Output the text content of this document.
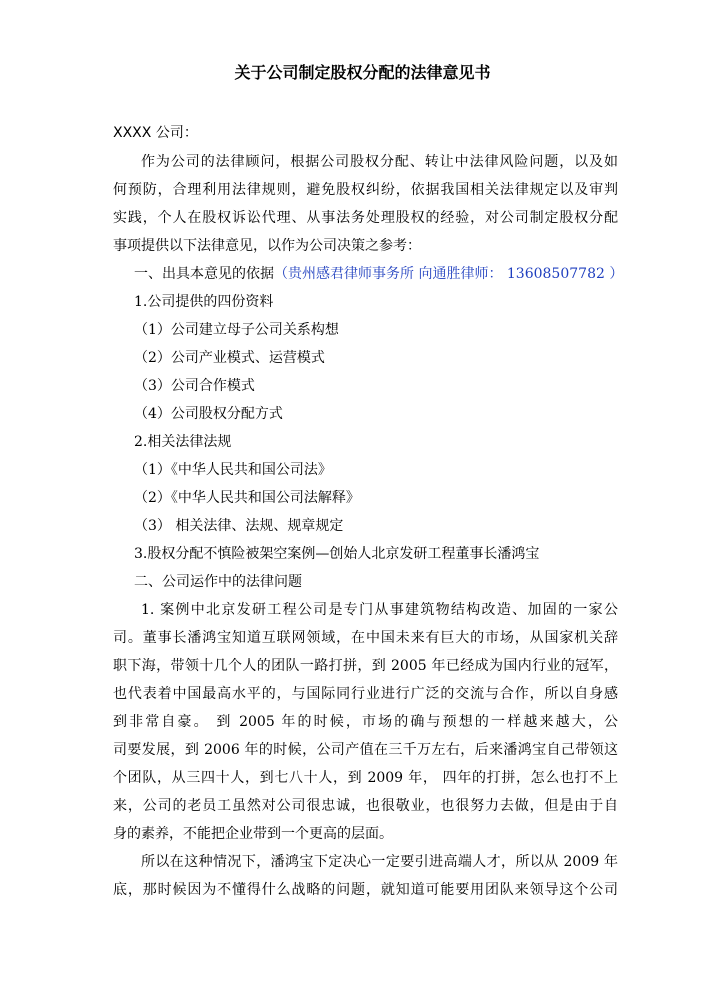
关于公司制定股权分配的法律意见书
XXXX 公司：
作为公司的法律顾问，根据公司股权分配、转让中法律风险问题，以及如
何预防，合理利用法律规则，避免股权纠纷，依据我国相关法律规定以及审判
实践，个人在股权诉讼代理、从事法务处理股权的经验，对公司制定股权分配
事项提供以下法律意见，以作为公司决策之参考：
一、出具本意见的依据（贵州感君律师事务所 向通胜律师： 13608507782 ）
1.公司提供的四份资料
（1）公司建立母子公司关系构想
（2）公司产业模式、运营模式
（3）公司合作模式
（4）公司股权分配方式
2.相关法律法规
（1）《中华人民共和国公司法》
（2）《中华人民共和国公司法解释》
（3） 相关法律、法规、规章规定
3.股权分配不慎险被架空案例—创始人北京发研工程董事长潘鸿宝
二、公司运作中的法律问题
1. 案例中北京发研工程公司是专门从事建筑物结构改造、加固的一家公
司。董事长潘鸿宝知道互联网领域，在中国未来有巨大的市场，从国家机关辞
职下海，带领十几个人的团队一路打拼，到 2005 年已经成为国内行业的冠军，
也代表着中国最高水平的，与国际同行业进行广泛的交流与合作，所以自身感
到非常自豪。 到 2005 年的时候，市场的确与预想的一样越来越大，公
司要发展，到 2006 年的时候，公司产值在三千万左右，后来潘鸿宝自己带领这
个团队，从三四十人，到七八十人，到 2009 年， 四年的打拼，怎么也打不上
来，公司的老员工虽然对公司很忠诚，也很敬业，也很努力去做，但是由于自
身的素养，不能把企业带到一个更高的层面。
所以在这种情况下，潘鸿宝下定决心一定要引进高端人才，所以从 2009 年
底，那时候因为不懂得什么战略的问题，就知道可能要用团队来领导这个公司
